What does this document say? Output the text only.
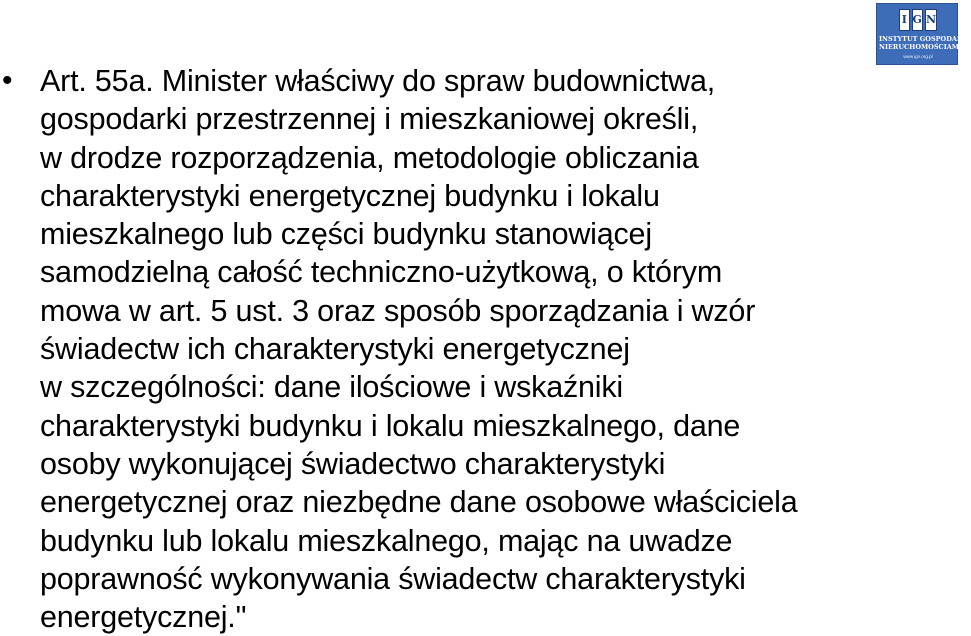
I G N
INSTYTUT GOSPODARKI
NIERUCHOMOŚCIAMI
www.ign.org.pl
• Art. 55a. Minister właściwy do spraw budownictwa,
gospodarki przestrzennej i mieszkaniowej określi,
w drodze rozporządzenia, metodologie obliczania
charakterystyki energetycznej budynku i lokalu
mieszkalnego lub części budynku stanowiącej
samodzielną całość techniczno-użytkową, o którym
mowa w art. 5 ust. 3 oraz sposób sporządzania i wzór
świadectw ich charakterystyki energetycznej
w szczególności: dane ilościowe i wskaźniki
charakterystyki budynku i lokalu mieszkalnego, dane
osoby wykonującej świadectwo charakterystyki
energetycznej oraz niezbędne dane osobowe właściciela
budynku lub lokalu mieszkalnego, mając na uwadze
poprawność wykonywania świadectw charakterystyki
energetycznej."
